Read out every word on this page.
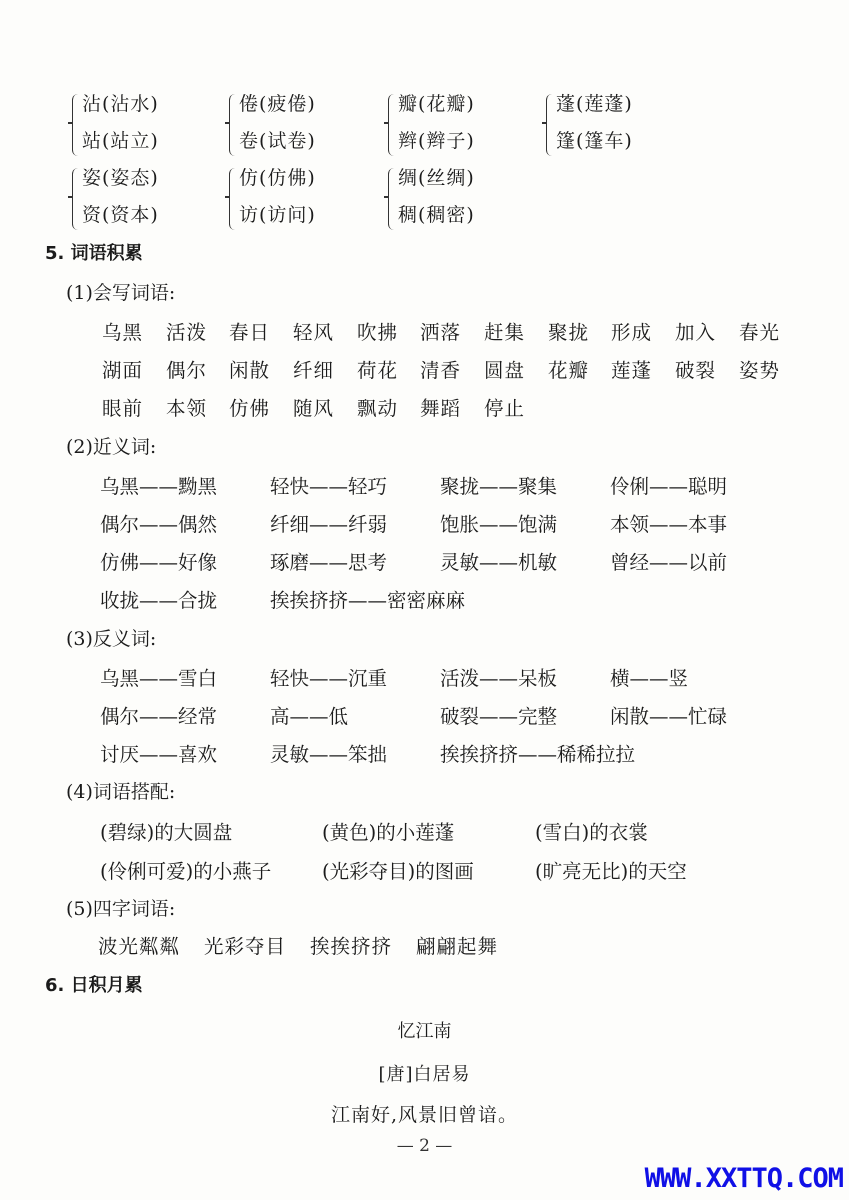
沾(沾水)
站(站立)
倦(疲倦)
卷(试卷)
瓣(花瓣)
辫(辫子)
蓬(莲蓬)
篷(篷车)
姿(姿态)
资(资本)
仿(仿佛)
访(访问)
绸(丝绸)
稠(稠密)
5. 词语积累
(1)会写词语:
乌黑 活泼 春日 轻风 吹拂 洒落 赶集 聚拢 形成 加入 春光
湖面 偶尔 闲散 纤细 荷花 清香 圆盘 花瓣 莲蓬 破裂 姿势
眼前 本领 仿佛 随风 飘动 舞蹈 停止
(2)近义词:
乌黑——黝黑	轻快——轻巧	聚拢——聚集	伶俐——聪明
偶尔——偶然	纤细——纤弱	饱胀——饱满	本领——本事
仿佛——好像	琢磨——思考	灵敏——机敏	曾经——以前
收拢——合拢	挨挨挤挤——密密麻麻
(3)反义词:
乌黑——雪白	轻快——沉重	活泼——呆板	横——竖
偶尔——经常	高——低	破裂——完整	闲散——忙碌
讨厌——喜欢	灵敏——笨拙	挨挨挤挤——稀稀拉拉
(4)词语搭配:
(碧绿)的大圆盘	(黄色)的小莲蓬	(雪白)的衣裳
(伶俐可爱)的小燕子	(光彩夺目)的图画	(旷亮无比)的天空
(5)四字词语:
波光粼粼 光彩夺目 挨挨挤挤 翩翩起舞
6. 日积月累
忆江南
[唐]白居易
江南好,风景旧曾谙。
— 2 —
WWW.XXTTQ.COM
